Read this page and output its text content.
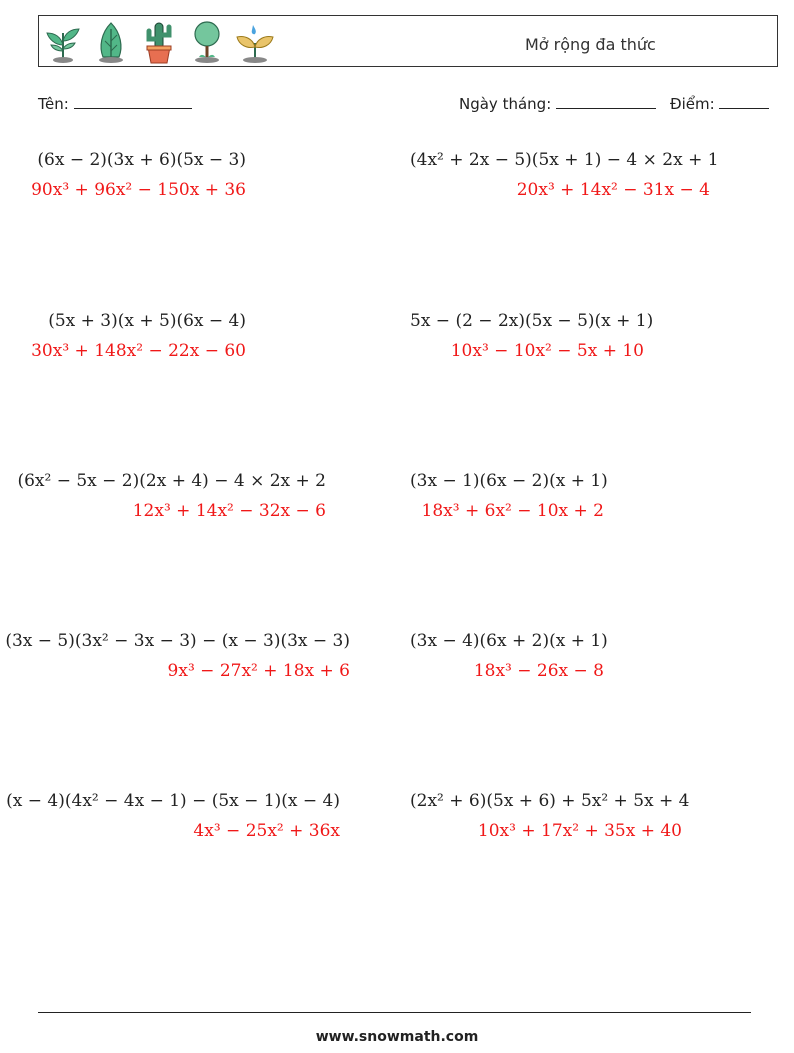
Mở rộng đa thức
Tên:	Ngày tháng:	Điểm:
(6x − 2)(3x + 6)(5x − 3)
90x³ + 96x² − 150x + 36
(4x² + 2x − 5)(5x + 1) − 4 × 2x + 1
20x³ + 14x² − 31x − 4
(5x + 3)(x + 5)(6x − 4)
30x³ + 148x² − 22x − 60
5x − (2 − 2x)(5x − 5)(x + 1)
10x³ − 10x² − 5x + 10
(6x² − 5x − 2)(2x + 4) − 4 × 2x + 2
12x³ + 14x² − 32x − 6
(3x − 1)(6x − 2)(x + 1)
18x³ + 6x² − 10x + 2
(3x − 5)(3x² − 3x − 3) − (x − 3)(3x − 3)
9x³ − 27x² + 18x + 6
(3x − 4)(6x + 2)(x + 1)
18x³ − 26x − 8
(x − 4)(4x² − 4x − 1) − (5x − 1)(x − 4)
4x³ − 25x² + 36x
(2x² + 6)(5x + 6) + 5x² + 5x + 4
10x³ + 17x² + 35x + 40
www.snowmath.com
